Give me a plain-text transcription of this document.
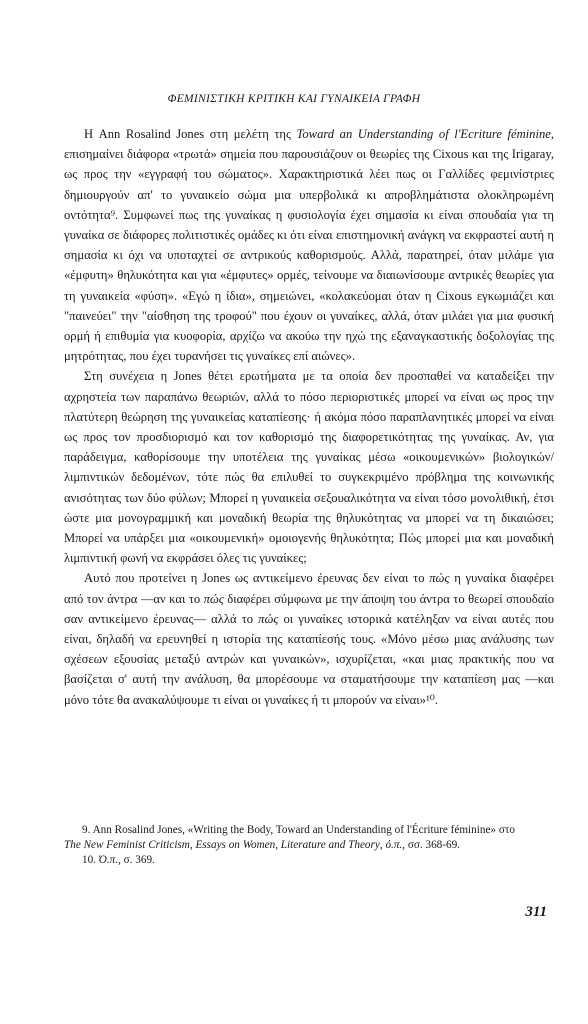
ΦΕΜΙΝΙΣΤΙΚΗ ΚΡΙΤΙΚΗ ΚΑΙ ΓΥΝΑΙΚΕΙΑ ΓΡΑΦΗ

Η Ann Rosalind Jones στη μελέτη της Toward an Understanding of l'Ecriture féminine, επισημαίνει διάφορα «τρωτά» σημεία που παρουσιάζουν οι θεωρίες της Cixous και της Irigaray, ως προς την «εγγραφή του σώματος». Χαρακτηριστικά λέει πως οι Γαλλίδες φεμινίστριες δημιουργούν απ' το γυναικείο σώμα μια υπερβολικά κι απροβλημάτιστα ολοκληρωμένη οντότητα⁹. Συμφωνεί πως της γυναίκας η φυσιολογία έχει σημασία κι είναι σπουδαία για τη γυναίκα σε διάφορες πολιτιστικές ομάδες κι ότι είναι επιστημονική ανάγκη να εκφραστεί αυτή η σημασία κι όχι να υποταχτεί σε αντρικούς καθορισμούς. Αλλά, παρατηρεί, όταν μιλάμε για «έμφυτη» θηλυκότητα και για «έμφυτες» ορμές, τείνουμε να διαιωνίσουμε αντρικές θεωρίες για τη γυναικεία «φύση». «Εγώ η ίδια», σημειώνει, «κολακεύομαι όταν η Cixous εγκωμιάζει και "παινεύει" την "αίσθηση της τροφού" που έχουν οι γυναίκες, αλλά, όταν μιλάει για μια φυσική ορμή ή επιθυμία για κυοφορία, αρχίζω να ακούω την ηχώ της εξαναγκαστικής δοξολογίας της μητρότητας, που έχει τυρανήσει τις γυναίκες επί αιώνες».

Στη συνέχεια η Jones θέτει ερωτήματα με τα οποία δεν προσπαθεί να καταδείξει την αχρηστεία των παραπάνω θεωριών, αλλά το πόσο περιοριστικές μπορεί να είναι ως προς την πλατύτερη θεώρηση της γυναικείας καταπίεσης· ή ακόμα πόσο παραπλανητικές μπορεί να είναι ως προς τον προσδιορισμό και τον καθορισμό της διαφορετικότητας της γυναίκας. Αν, για παράδειγμα, καθορίσουμε την υποτέλεια της γυναίκας μέσω «οικουμενικών» βιολογικών/λιμπιντικών δεδομένων, τότε πώς θα επιλυθεί το συγκεκριμένο πρόβλημα της κοινωνικής ανισότητας των δύο φύλων; Μπορεί η γυναικεία σεξουαλικότητα να είναι τόσο μονολιθική, έτσι ώστε μια μονογραμμική και μοναδική θεωρία της θηλυκότητας να μπορεί να τη δικαιώσει; Μπορεί να υπάρξει μια «οικουμενική» ομοιογενής θηλυκότητα; Πώς μπορεί μια και μοναδική λιμπιντική φωνή να εκφράσει όλες τις γυναίκες;

Αυτό που προτείνει η Jones ως αντικείμενο έρευνας δεν είναι το πώς η γυναίκα διαφέρει από τον άντρα —αν και το πώς διαφέρει σύμφωνα με την άποψη του άντρα το θεωρεί σπουδαίο σαν αντικείμενο έρευνας— αλλά το πώς οι γυναίκες ιστορικά κατέληξαν να είναι αυτές που είναι, δηλαδή να ερευνηθεί η ιστορία της καταπίεσής τους. «Μόνο μέσω μιας ανάλυσης των σχέσεων εξουσίας μεταξύ αντρών και γυναικών», ισχυρίζεται, «και μιας πρακτικής που να βασίζεται σ' αυτή την ανάλυση, θα μπορέσουμε να σταματήσουμε την καταπίεση μας —και μόνο τότε θα ανακαλύψουμε τι είναι οι γυναίκες ή τι μπορούν να είναι»¹⁰.

9. Ann Rosalind Jones, «Writing the Body, Toward an Understanding of l'Écriture féminine» στο The New Feminist Criticism, Essays on Women, Literature and Theory, ό.π., σσ. 368-69.

10. Ό.π., σ. 369.

311
